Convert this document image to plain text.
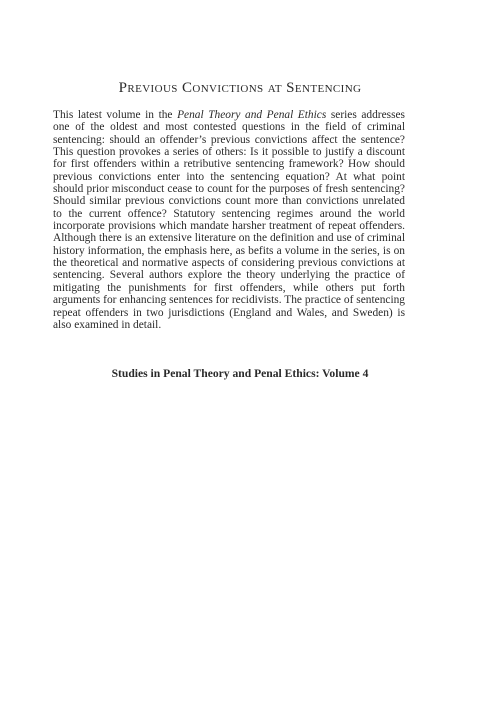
Previous Convictions at Sentencing

This latest volume in the Penal Theory and Penal Ethics series addresses one of the oldest and most contested questions in the field of criminal sentencing: should an offender’s previous convictions affect the sentence? This question provokes a series of others: Is it possible to justify a discount for first offenders within a retributive sentencing framework? How should previous convictions enter into the sentencing equation? At what point should prior misconduct cease to count for the purposes of fresh sentencing? Should similar previous convictions count more than convictions unrelated to the current offence? Statutory sentencing regimes around the world incorporate provisions which mandate harsher treatment of repeat offenders. Although there is an extensive literature on the definition and use of criminal history information, the emphasis here, as befits a volume in the series, is on the theoretical and normative aspects of considering previous convictions at sentencing. Several authors explore the theory underlying the practice of mitigating the punishments for first offenders, while others put forth arguments for enhancing sentences for recidivists. The practice of sentencing repeat offenders in two jurisdictions (England and Wales, and Sweden) is also examined in detail.

Studies in Penal Theory and Penal Ethics: Volume 4
